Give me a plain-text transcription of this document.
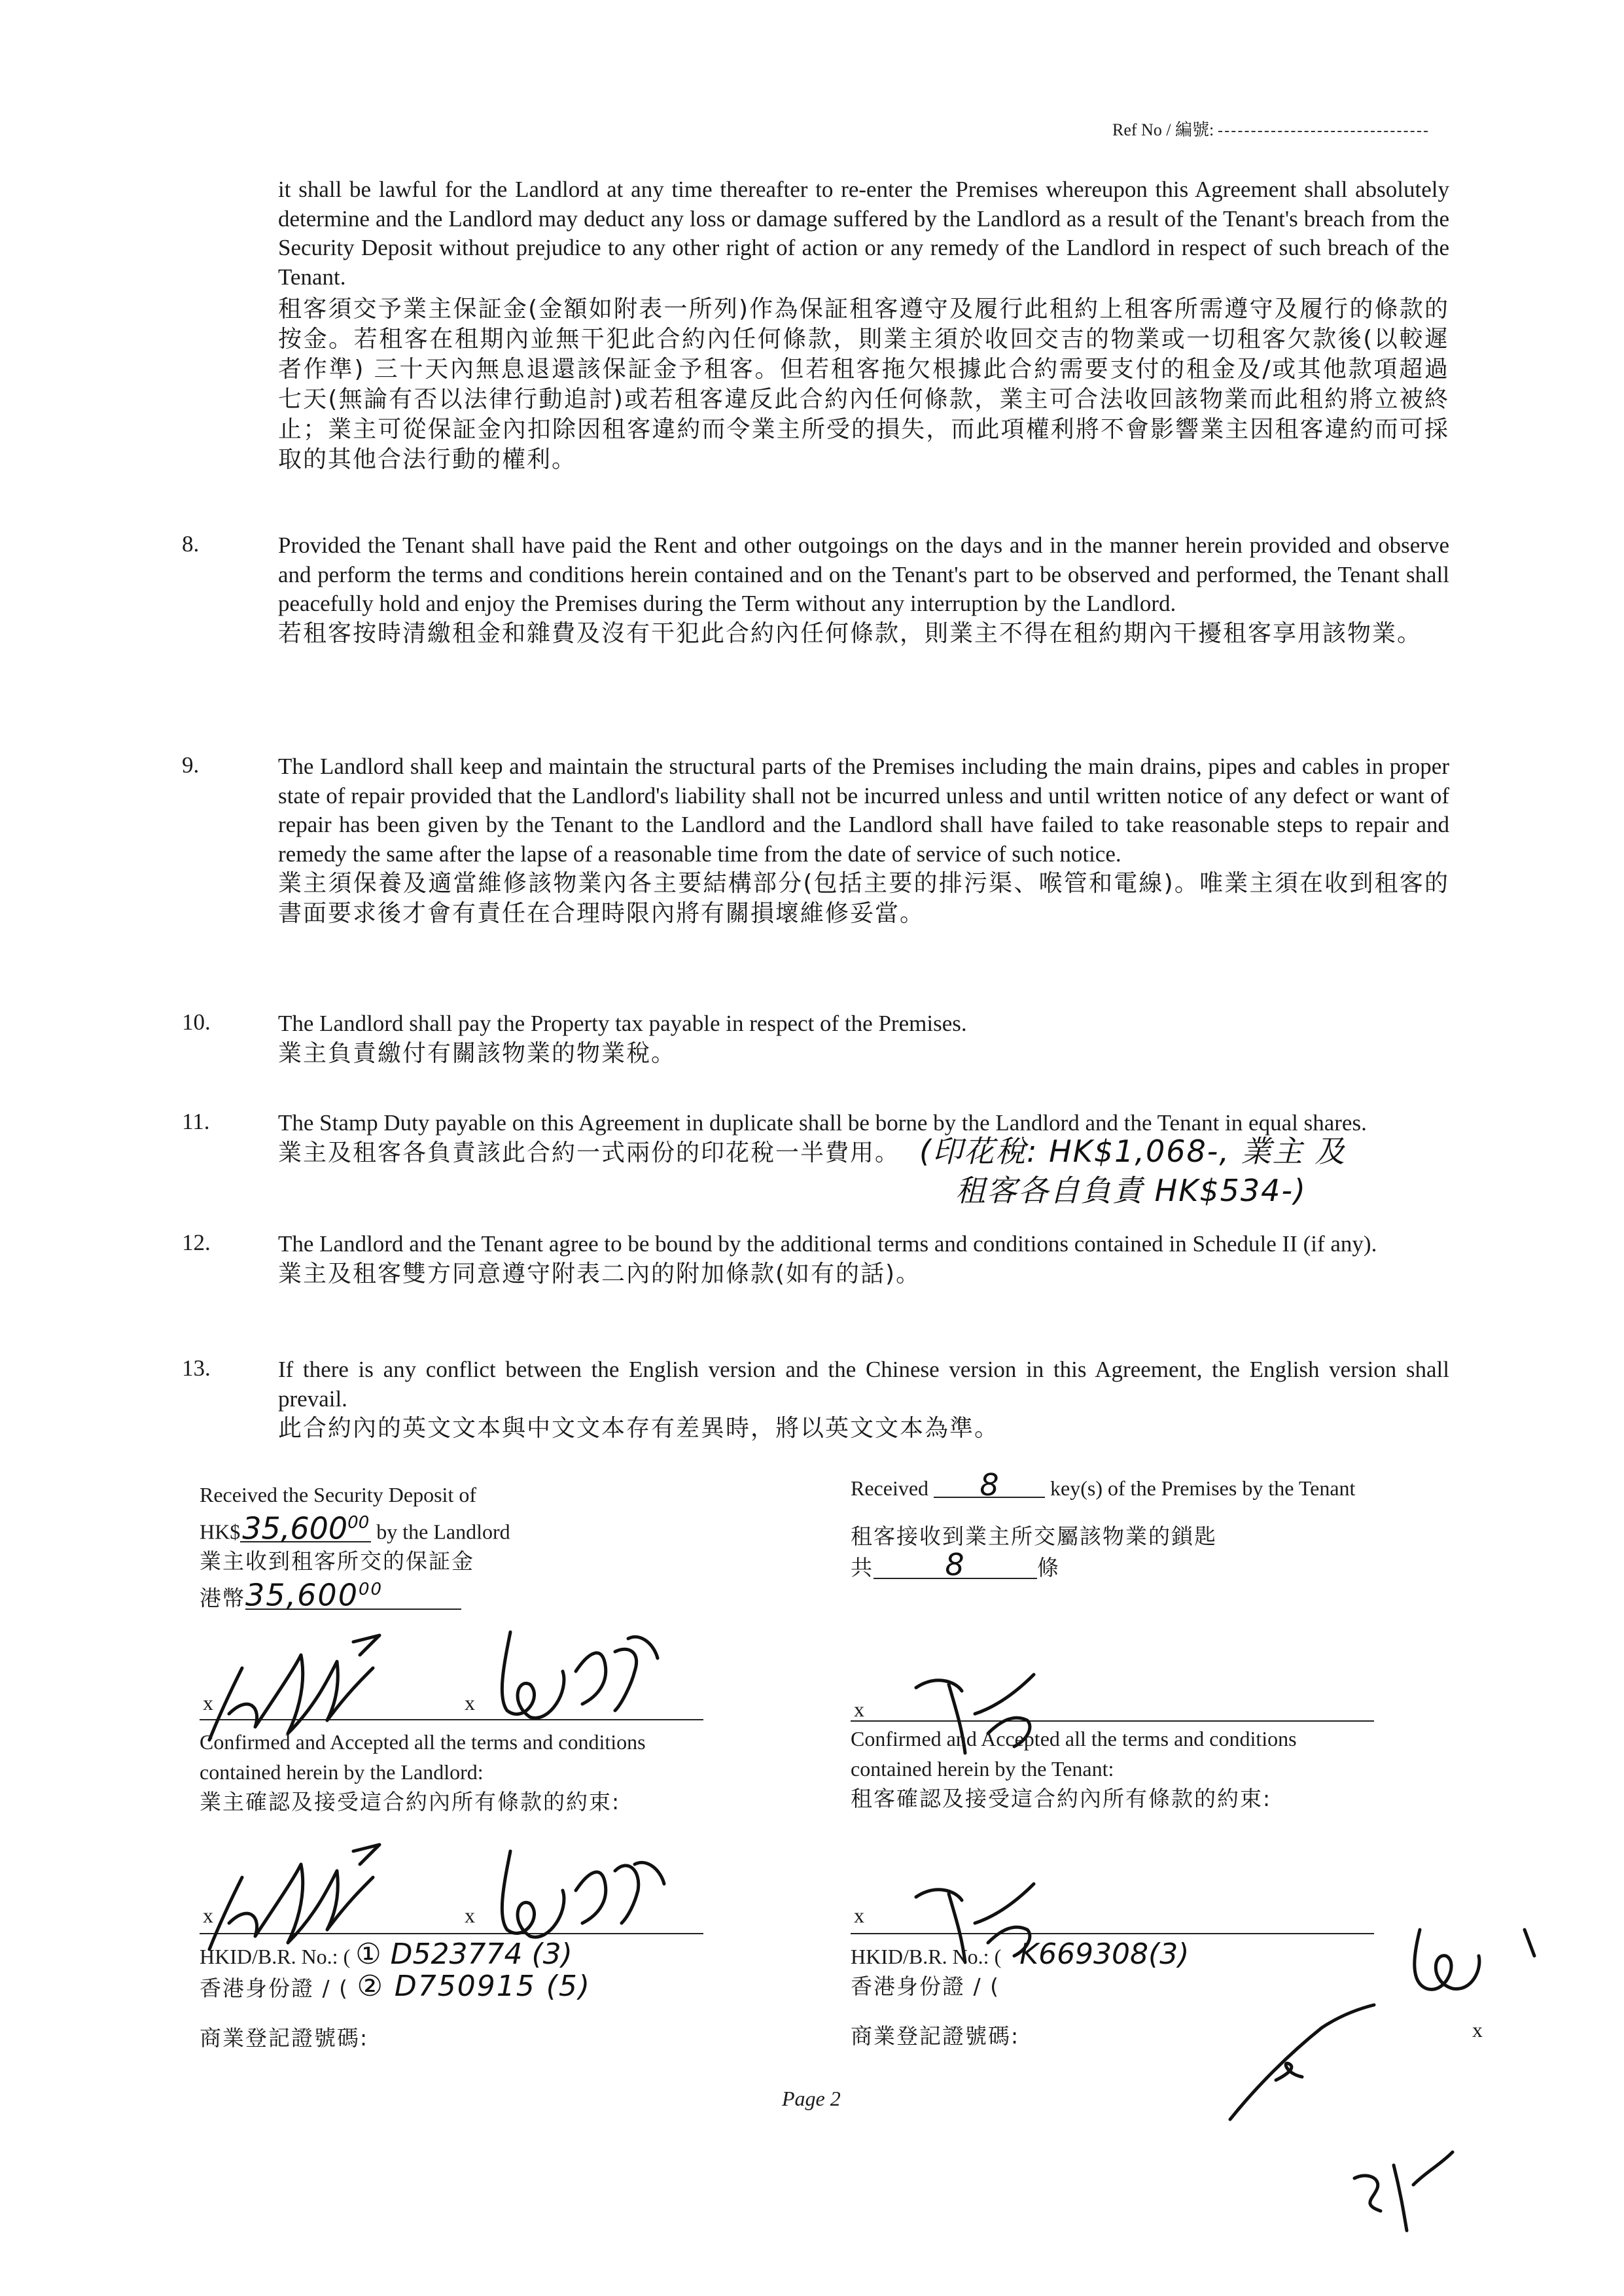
Ref No / 編號:
it shall be lawful for the Landlord at any time thereafter to re-enter the Premises whereupon this Agreement shall absolutely determine and the Landlord may deduct any loss or damage suffered by the Landlord as a result of the Tenant's breach from the Security Deposit without prejudice to any other right of action or any remedy of the Landlord in respect of such breach of the Tenant.
租客須交予業主保証金(金額如附表一所列)作為保証租客遵守及履行此租約上租客所需遵守及履行的條款的按金。若租客在租期內並無干犯此合約內任何條款，則業主須於收回交吉的物業或一切租客欠款後(以較遲者作準) 三十天內無息退還該保証金予租客。但若租客拖欠根據此合約需要支付的租金及/或其他款項超過七天(無論有否以法律行動追討)或若租客違反此合約內任何條款，業主可合法收回該物業而此租約將立被終止；業主可從保証金內扣除因租客違約而令業主所受的損失，而此項權利將不會影響業主因租客違約而可採取的其他合法行動的權利。
8.	Provided the Tenant shall have paid the Rent and other outgoings on the days and in the manner herein provided and observe and perform the terms and conditions herein contained and on the Tenant's part to be observed and performed, the Tenant shall peacefully hold and enjoy the Premises during the Term without any interruption by the Landlord.
若租客按時清繳租金和雜費及沒有干犯此合約內任何條款，則業主不得在租約期內干擾租客享用該物業。
9.	The Landlord shall keep and maintain the structural parts of the Premises including the main drains, pipes and cables in proper state of repair provided that the Landlord's liability shall not be incurred unless and until written notice of any defect or want of repair has been given by the Tenant to the Landlord and the Landlord shall have failed to take reasonable steps to repair and remedy the same after the lapse of a reasonable time from the date of service of such notice.
業主須保養及適當維修該物業內各主要結構部分(包括主要的排污渠、喉管和電線)。唯業主須在收到租客的書面要求後才會有責任在合理時限內將有關損壞維修妥當。
10.	The Landlord shall pay the Property tax payable in respect of the Premises.
業主負責繳付有關該物業的物業稅。
11.	The Stamp Duty payable on this Agreement in duplicate shall be borne by the Landlord and the Tenant in equal shares.
業主及租客各負責該此合約一式兩份的印花稅一半費用。 (印花稅: HK$1,068-, 業主 及
租客各自負責 HK$534-)
12.	The Landlord and the Tenant agree to be bound by the additional terms and conditions contained in Schedule II (if any).
業主及租客雙方同意遵守附表二內的附加條款(如有的話)。
13.	If there is any conflict between the English version and the Chinese version in this Agreement, the English version shall prevail.
此合約內的英文文本與中文文本存有差異時，將以英文文本為準。
Received the Security Deposit of
HK$35,600$^{00}$ by the Landlord
業主收到租客所交的保証金
港幣35,600$^{00}$
Received 8 key(s) of the Premises by the Tenant
租客接收到業主所交屬該物業的鎖匙
共 8	條
x	x	x
Confirmed and Accepted all the terms and conditions
contained herein by the Landlord:
業主確認及接受這合約內所有條款的約束:
Confirmed and Accepted all the terms and conditions
contained herein by the Tenant:
租客確認及接受這合約內所有條款的約束:
x	x	x
HKID/B.R. No.: ( ① D523774 (3)
香港身份證 / ( ② D750915 (5)
商業登記證號碼:
HKID/B.R. No.: ( K669308(3)
香港身份證 / (
商業登記證號碼:	x
Page 2
